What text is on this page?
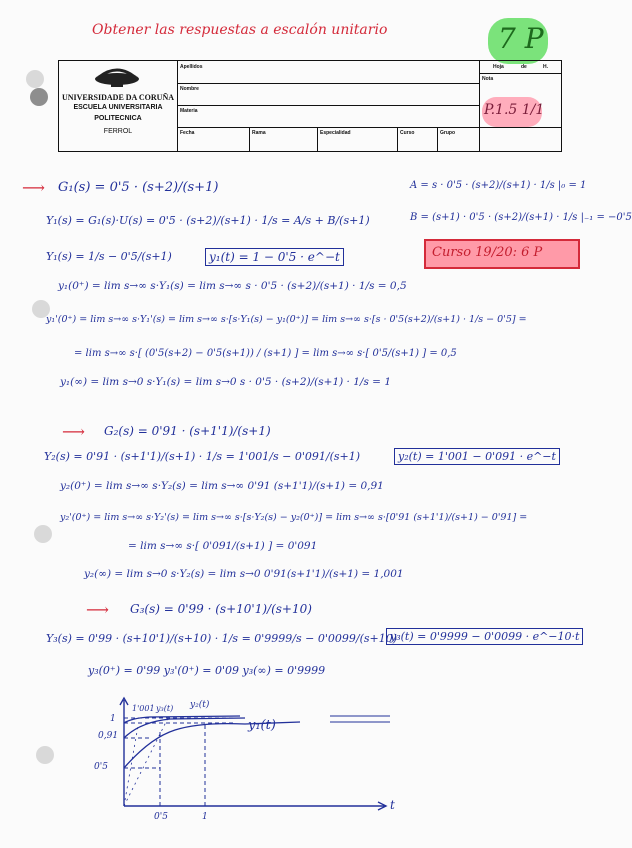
Obtener las respuestas a escalón unitario	7 P
UNIVERSIDADE DA CORUÑA
ESCUELA UNIVERSITARIA
POLITECNICA
FERROL
Apellidos
Nombre
Materia
Fecha	Rama	Especialidad	Curso	Grupo
Hoja	de	H.
Nota
P.1.5 1/1
⟶ G₁(s) = 0'5 · (s+2)/(s+1)
Y₁(s) = G₁(s)·U(s) = 0'5 · (s+2)/(s+1) · 1/s = A/s + B/(s+1)
A = s · 0'5 · (s+2)/(s+1) · 1/s |₀ = 1
B = (s+1) · 0'5 · (s+2)/(s+1) · 1/s |₋₁ = −0'5
Curso 19/20: 6 P
Y₁(s) = 1/s − 0'5/(s+1)	y₁(t) = 1 − 0'5 · e^−t
y₁(0⁺) = lim s→∞ s·Y₁(s) = lim s→∞ s · 0'5 · (s+2)/(s+1) · 1/s = 0,5
y₁'(0⁺) = lim s→∞ s·Y₁'(s) = lim s→∞ s·[s·Y₁(s) − y₁(0⁺)] = lim s→∞ s·[s · 0'5(s+2)/(s+1) · 1/s − 0'5] =
= lim s→∞ s·[ (0'5(s+2) − 0'5(s+1)) / (s+1) ] = lim s→∞ s·[ 0'5/(s+1) ] = 0,5
y₁(∞) = lim s→0 s·Y₁(s) = lim s→0 s · 0'5 · (s+2)/(s+1) · 1/s = 1
⟶ G₂(s) = 0'91 · (s+1'1)/(s+1)
Y₂(s) = 0'91 · (s+1'1)/(s+1) · 1/s = 1'001/s − 0'091/(s+1)	y₂(t) = 1'001 − 0'091 · e^−t
y₂(0⁺) = lim s→∞ s·Y₂(s) = lim s→∞ 0'91 (s+1'1)/(s+1) = 0,91
y₂'(0⁺) = lim s→∞ s·Y₂'(s) = lim s→∞ s·[s·Y₂(s) − y₂(0⁺)] = lim s→∞ s·[0'91 (s+1'1)/(s+1) − 0'91] =
= lim s→∞ s·[ 0'091/(s+1) ] = 0'091
y₂(∞) = lim s→0 s·Y₂(s) = lim s→0 0'91(s+1'1)/(s+1) = 1,001
⟶ G₃(s) = 0'99 · (s+10'1)/(s+10)
Y₃(s) = 0'99 · (s+10'1)/(s+10) · 1/s = 0'9999/s − 0'0099/(s+10)
y₃(t) = 0'9999 − 0'0099 · e^−10·t
y₃(0⁺) = 0'99 y₃'(0⁺) = 0'09 y₃(∞) = 0'9999
1'001
1
0,91
0'5
0'5	1
t
y₃(t) y₂(t)
y₁(t)
